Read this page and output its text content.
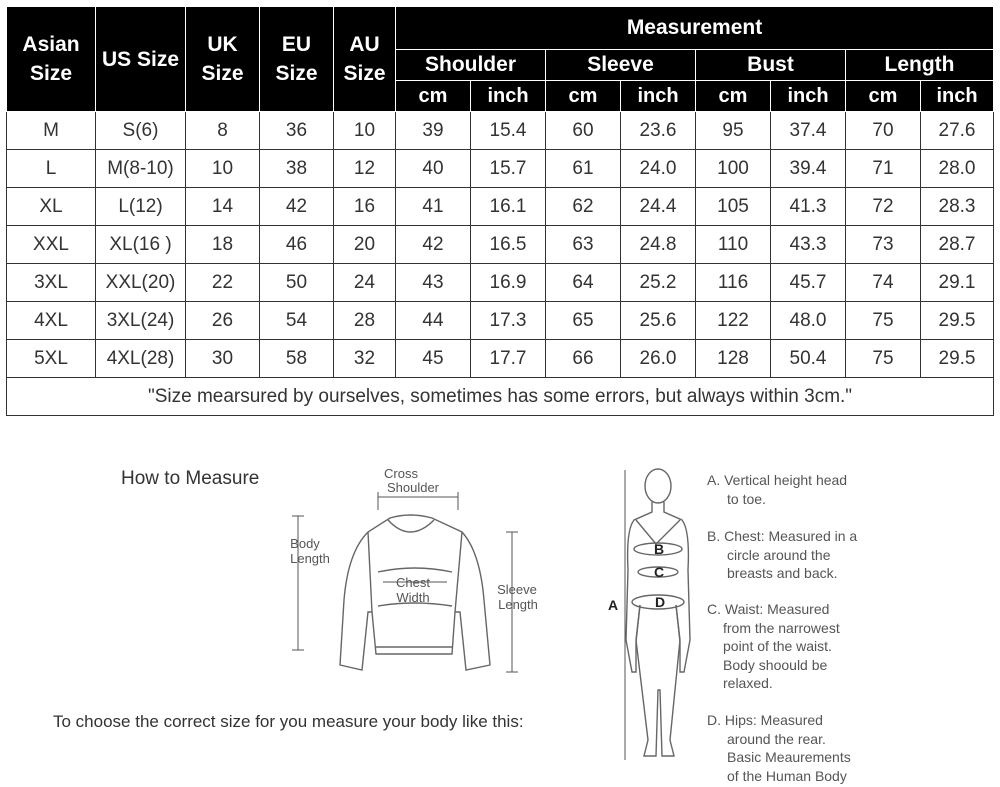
Asian Size	US Size	UK Size	EU Size	AU Size	Measurement							
					Shoulder		Sleeve		Bust		Length	
					cm	inch	cm	inch	cm	inch	cm	inch
M	S(6)	8	36	10	39	15.4	60	23.6	95	37.4	70	27.6
L	M(8-10)	10	38	12	40	15.7	61	24.0	100	39.4	71	28.0
XL	L(12)	14	42	16	41	16.1	62	24.4	105	41.3	72	28.3
XXL	XL(16 )	18	46	20	42	16.5	63	24.8	110	43.3	73	28.7
3XL	XXL(20)	22	50	24	43	16.9	64	25.2	116	45.7	74	29.1
4XL	3XL(24)	26	54	28	44	17.3	65	25.6	122	48.0	75	29.5
5XL	4XL(28)	30	58	32	45	17.7	66	26.0	128	50.4	75	29.5
"Size mearsured by ourselves, sometimes has some errors, but always within 3cm."												
How to Measure
To choose the correct size for you measure your body like this:
Cross
Shoulder
Body
Length
Chest
Width
Sleeve
Length	A
B
C
D

A. Vertical height head

to toe.

B. Chest: Measured in a

circle around the

breasts and back.

C. Waist: Measured

from the narrowest

point of the waist.

Body shoould be

relaxed.

D. Hips: Measured

around the rear.

Basic Meaurements

of the Human Body
